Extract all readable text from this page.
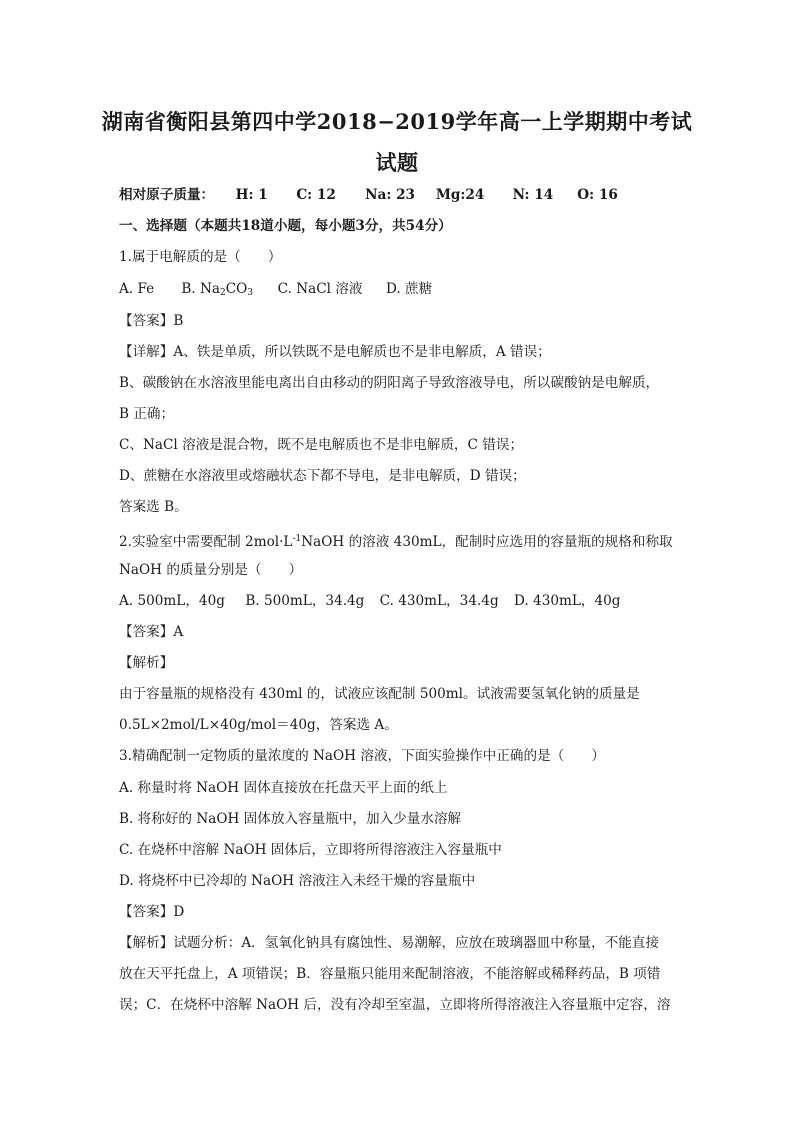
湖南省衡阳县第四中学2018−2019学年高一上学期期中考试
试题
相对原子质量： H: 1 C: 12 Na: 23 Mg:24 N: 14 O: 16
一、选择题（本题共18道小题，每小题3分，共54分）
1.属于电解质的是（　　）
A. Fe B. $Na_2CO_3$ C. NaCl 溶液 D. 蔗糖
【答案】B
【详解】A、铁是单质，所以铁既不是电解质也不是非电解质，A 错误；
B、碳酸钠在水溶液里能电离出自由移动的阴阳离子导致溶液导电，所以碳酸钠是电解质，
B 正确；
C、NaCl 溶液是混合物，既不是电解质也不是非电解质，C 错误；
D、蔗糖在水溶液里或熔融状态下都不导电，是非电解质，D 错误；
答案选 B。
2.实验室中需要配制 $2mol\cdot L^{-1}NaOH$ 的溶液 430mL，配制时应选用的容量瓶的规格和称取
NaOH 的质量分别是（　　）
A. 500mL，40g B. 500mL，34.4g C. 430mL，34.4g D. 430mL，40g
【答案】A
【解析】
由于容量瓶的规格没有 430ml 的，试液应该配制 500ml。试液需要氢氧化钠的质量是
0.5L×2mol/L×40g/mol＝40g，答案选 A。
3.精确配制一定物质的量浓度的 NaOH 溶液，下面实验操作中正确的是（　　）
A. 称量时将 NaOH 固体直接放在托盘天平上面的纸上
B. 将称好的 NaOH 固体放入容量瓶中，加入少量水溶解
C. 在烧杯中溶解 NaOH 固体后，立即将所得溶液注入容量瓶中
D. 将烧杯中已冷却的 NaOH 溶液注入未经干燥的容量瓶中
【答案】D
【解析】试题分析：A．氢氧化钠具有腐蚀性、易潮解，应放在玻璃器皿中称量，不能直接
放在天平托盘上，A 项错误；B．容量瓶只能用来配制溶液，不能溶解或稀释药品，B 项错
误；C．在烧杯中溶解 NaOH 后，没有冷却至室温，立即将所得溶液注入容量瓶中定容，溶
